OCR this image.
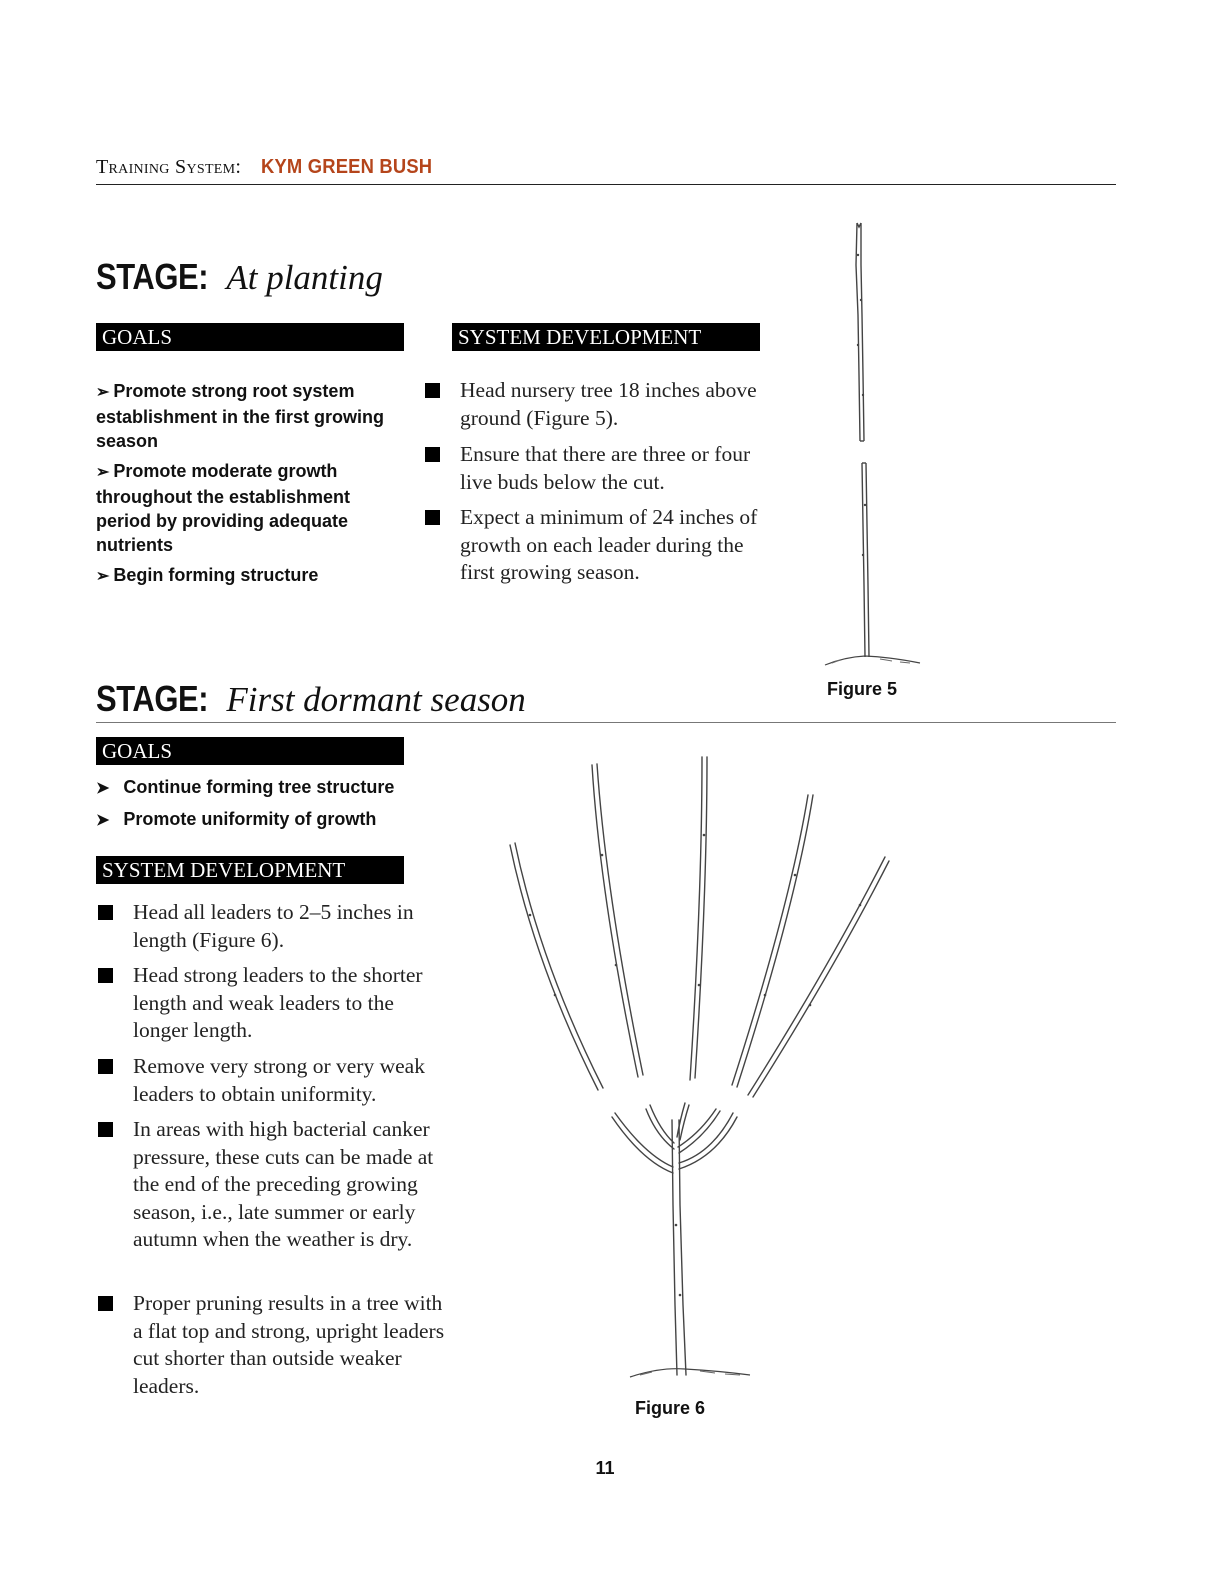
Training System: KYM GREEN BUSH
STAGE: At planting
GOALS	SYSTEM DEVELOPMENT
➢ Promote strong root system establishment in the first growing season
➢ Promote moderate growth throughout the establishment period by providing adequate nutrients
➢ Begin forming structure
Head nursery tree 18 inches above ground (Figure 5).
Ensure that there are three or four live buds below the cut.
Expect a minimum of 24 inches of growth on each leader during the first growing season.
Figure 5
STAGE: First dormant season
GOALS
➤ Continue forming tree structure
➤ Promote uniformity of growth
SYSTEM DEVELOPMENT
Head all leaders to 2–5 inches in length (Figure 6).
Head strong leaders to the shorter length and weak leaders to the longer length.
Remove very strong or very weak leaders to obtain uniformity.
In areas with high bacterial canker pressure, these cuts can be made at the end of the preceding growing season, i.e., late summer or early autumn when the weather is dry.
Proper pruning results in a tree with a flat top and strong, upright leaders cut shorter than outside weaker leaders.
Figure 6
11
